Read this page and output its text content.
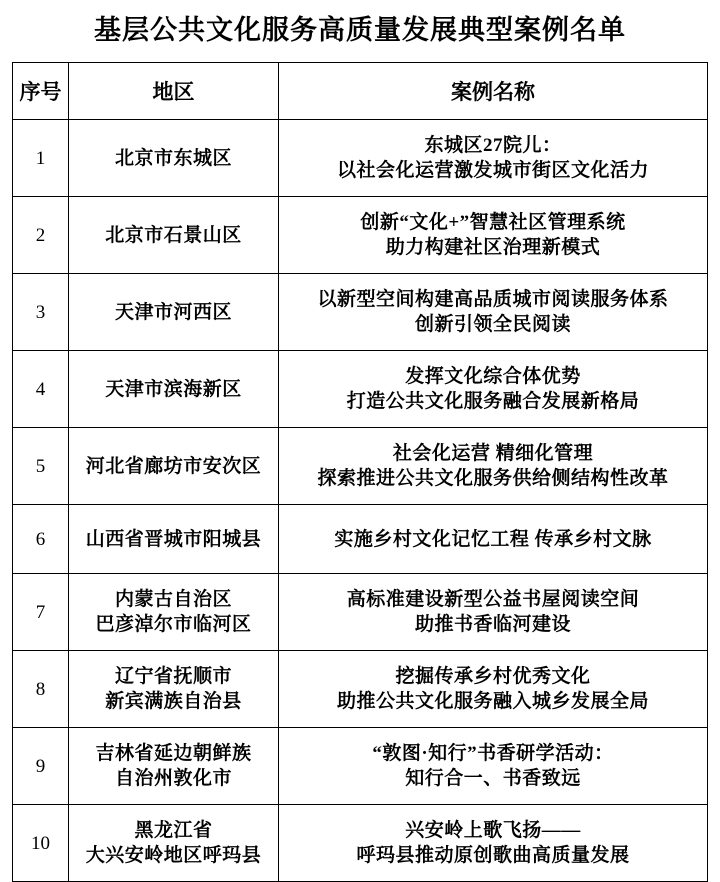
基层公共文化服务高质量发展典型案例名单
序号	地区	案例名称
1	北京市东城区	东城区27院儿：
以社会化运营激发城市街区文化活力

2	北京市石景山区	创新“文化+”智慧社区管理系统
助力构建社区治理新模式

3	天津市河西区	以新型空间构建高品质城市阅读服务体系
创新引领全民阅读

4	天津市滨海新区	发挥文化综合体优势
打造公共文化服务融合发展新格局

5	河北省廊坊市安次区	社会化运营 精细化管理
探索推进公共文化服务供给侧结构性改革

6	山西省晋城市阳城县	实施乡村文化记忆工程 传承乡村文脉

7	内蒙古自治区
巴彦淖尔市临河区	高标准建设新型公益书屋阅读空间
助推书香临河建设

8	辽宁省抚顺市
新宾满族自治县	挖掘传承乡村优秀文化
助推公共文化服务融入城乡发展全局

9	吉林省延边朝鲜族
自治州敦化市	“敦图·知行”书香研学活动：
知行合一、书香致远

10	黑龙江省
大兴安岭地区呼玛县	兴安岭上歌飞扬——
呼玛县推动原创歌曲高质量发展
